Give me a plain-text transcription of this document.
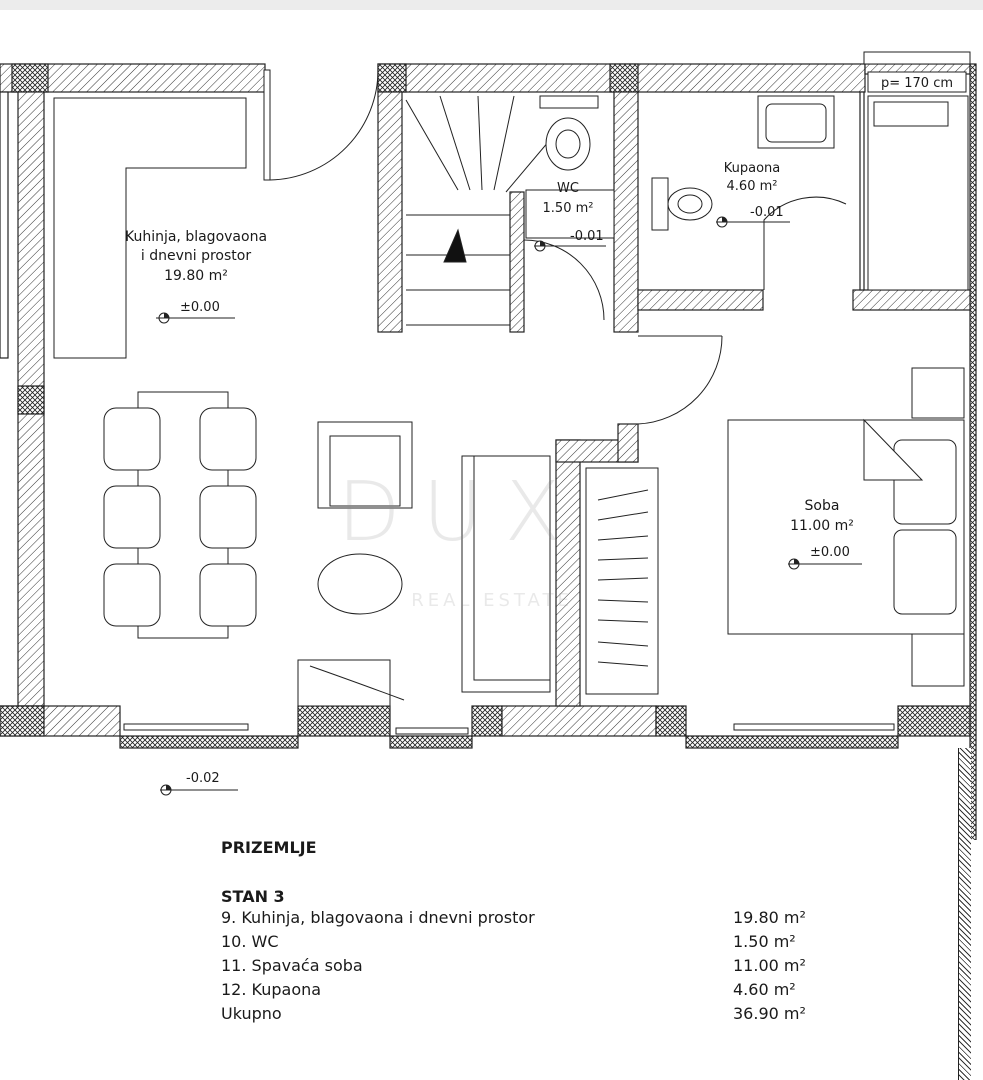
DUX
REAL ESTATE
p= 170 cm
Kuhinja, blagovaona
i dnevni prostor
19.80 m²
±0.00
WC
1.50 m²
-0.01
Kupaona
4.60 m²
-0.01
Soba
11.00 m²
±0.00
-0.02
PRIZEMLJE
STAN 3
9. Kuhinja, blagovaona i dnevni prostor	19.80 m²
10. WC	1.50 m²
11. Spavaća soba	11.00 m²
12. Kupaona	4.60 m²
Ukupno	36.90 m²
